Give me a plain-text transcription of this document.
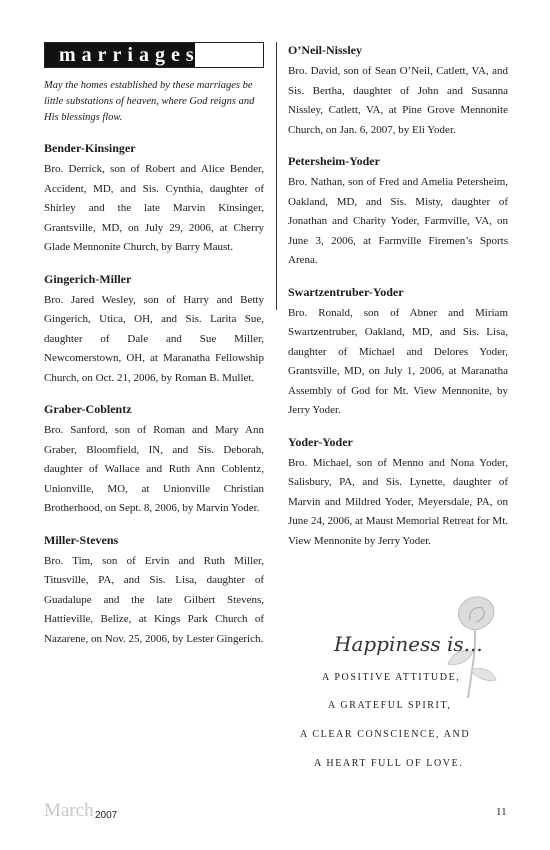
marriages
May the homes established by these marriages be little substations of heaven, where God reigns and His blessings flow.
Bender-Kinsinger

Bro. Derrick, son of Robert and Alice Bender, Accident, MD, and Sis. Cynthia, daughter of Shirley and the late Marvin Kinsinger, Grantsville, MD, on July 29, 2006, at Cherry Glade Mennonite Church, by Barry Maust.

Gingerich-Miller

Bro. Jared Wesley, son of Harry and Betty Gingerich, Utica, OH, and Sis. Larita Sue, daughter of Dale and Sue Miller, Newcomerstown, OH, at Maranatha Fellowship Church, on Oct. 21, 2006, by Roman B. Mullet.

Graber-Coblentz

Bro. Sanford, son of Roman and Mary Ann Graber, Bloomfield, IN, and Sis. Deborah, daughter of Wallace and Ruth Ann Coblentz, Unionville, MO, at Unionville Christian Brotherhood, on Sept. 8, 2006, by Marvin Yoder.

Miller-Stevens

Bro. Tim, son of Ervin and Ruth Miller, Titusville, PA, and Sis. Lisa, daughter of Guadalupe and the late Gilbert Stevens, Hattieville, Belize, at Kings Park Church of Nazarene, on Nov. 25, 2006, by Lester Gingerich.

O’Neil-Nissley

Bro. David, son of Sean O’Neil, Catlett, VA, and Sis. Bertha, daughter of John and Susanna Nissley, Catlett, VA, at Pine Grove Mennonite Church, on Jan. 6, 2007, by Eli Yoder.

Petersheim-Yoder

Bro. Nathan, son of Fred and Amelia Petersheim, Oakland, MD, and Sis. Misty, daughter of Jonathan and Charity Yoder, Farmville, VA, on June 3, 2006, at Farmville Firemen’s Sports Arena.

Swartzentruber-Yoder

Bro. Ronald, son of Abner and Miriam Swartzentruber, Oakland, MD, and Sis. Lisa, daughter of Michael and Delores Yoder, Grantsville, MD, on July 1, 2006, at Maranatha Assembly of God for Mt. View Mennonite, by Jerry Yoder.

Yoder-Yoder

Bro. Michael, son of Menno and Nona Yoder, Salisbury, PA, and Sis. Lynette, daughter of Marvin and Mildred Yoder, Meyersdale, PA, on June 24, 2006, at Maust Memorial Retreat for Mt. View Mennonite by Jerry Yoder.

Happiness is...
A POSITIVE ATTITUDE,
A GRATEFUL SPIRIT,
A CLEAR CONSCIENCE, AND
A HEART FULL OF LOVE.
March 2007	11
